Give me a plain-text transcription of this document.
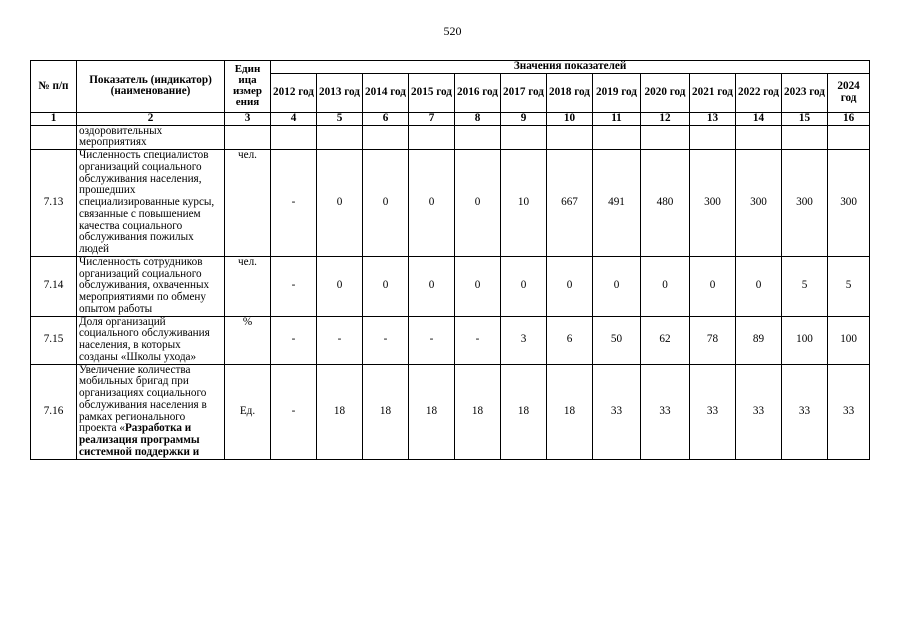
520
№ п/п	Показатель (индикатор) (наименование)	Един ица измер ения	Значения показателей												
			2012 год	2013 год	2014 год	2015 год	2016 год	2017 год	2018 год	2019 год	2020 год	2021 год	2022 год	2023 год	2024 год
1	2	3	4	5	6	7	8	9	10	11	12	13	14	15	16
	оздоровительных мероприятиях														
7.13	Численность специалистов организаций социального обслуживания населения, прошедших специализированные курсы, связанные с повышением качества социального обслуживания пожилых людей	чел.	-	0	0	0	0	10	667	491	480	300	300	300	300
7.14	Численность сотрудников организаций социального обслуживания, охваченных мероприятиями по обмену опытом работы	чел.	-	0	0	0	0	0	0	0	0	0	0	5	5
7.15	Доля организаций социального обслуживания населения, в которых созданы «Школы ухода»	%	-	-	-	-	-	3	6	50	62	78	89	100	100
7.16	Увеличение количества мобильных бригад при организациях социального обслуживания населения в рамках регионального проекта «Разработка и реализация программы системной поддержки и	Ед.	-	18	18	18	18	18	18	33	33	33	33	33	33
